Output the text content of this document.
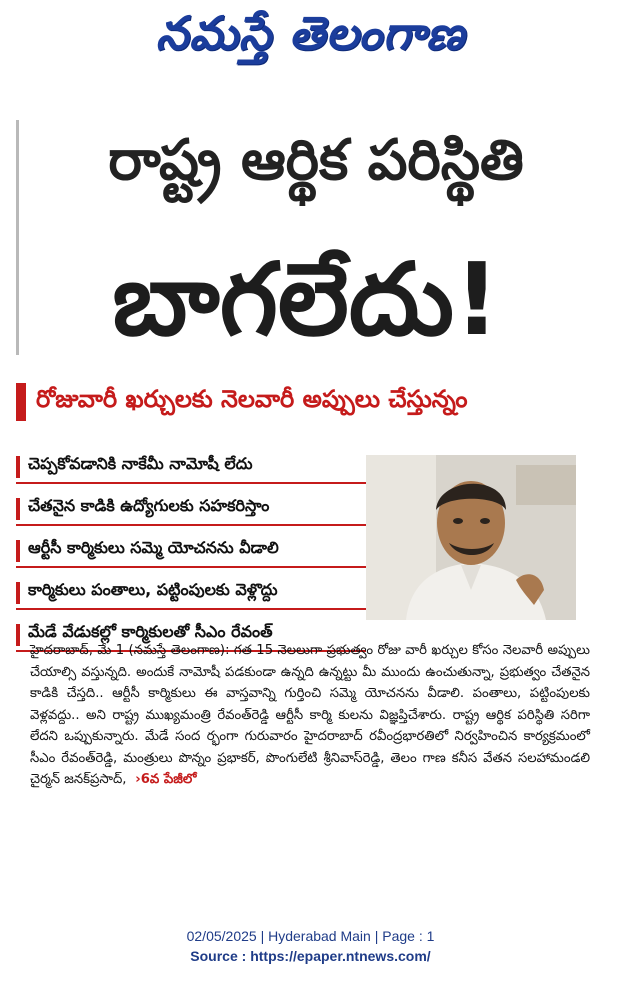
నమస్తే తెలంగాణ
రాష్ట్ర ఆర్థిక పరిస్థితి
బాగలేదు!
రోజువారీ ఖర్చులకు నెలవారీ అప్పులు చేస్తున్నం
చెప్పకోవడానికి నాకేమీ నామోషీ లేదు
చేతనైన కాడికి ఉద్యోగులకు సహకరిస్తాం
ఆర్టీసీ కార్మికులు సమ్మె యోచనను వీడాలి
కార్మికులు పంతాలు, పట్టింపులకు వెళ్లొద్దు
మేడే వేడుకల్లో కార్మికులతో సీఎం రేవంత్

హైదరాబాద్, మే 1 (నమస్తే తెలంగాణ): గత 15 నెలలుగా ప్రభుత్వం రోజు వారీ ఖర్చుల కోసం నెలవారీ అప్పులు చేయాల్సి వస్తున్నది. అందుకే నామోషీ పడకుండా ఉన్నది ఉన్నట్టు మీ ముందు ఉంచుతున్నా, ప్రభుత్వం చేతనైన కాడికి చేస్తది.. ఆర్టీసీ కార్మికులు ఈ వాస్తవాన్ని గుర్తించి సమ్మె యోచనను వీడాలి. పంతాలు, పట్టింపులకు వెళ్లవద్దు.. అని రాష్ట్ర ముఖ్యమంత్రి రేవంత్‌రెడ్డి ఆర్టీసీ కార్మి కులను విజ్ఞప్తిచేశారు. రాష్ట్ర ఆర్థిక పరిస్థితి సరిగా లేదని ఒప్పుకున్నారు. మేడే సంద ర్భంగా గురువారం హైదరాబాద్ రవీంద్రభారతిలో నిర్వహించిన కార్యక్రమంలో సీఎం రేవంత్‌రెడ్డి, మంత్రులు పొన్నం ప్రభాకర్, పొంగులేటి శ్రీనివాస్‌రెడ్డి, తెలం గాణ కనీస వేతన సలహామండలి చైర్మన్ జనక్‌ప్రసాద్,  ›6వ పేజీలో

02/05/2025 | Hyderabad Main | Page : 1
Source : https://epaper.ntnews.com/
